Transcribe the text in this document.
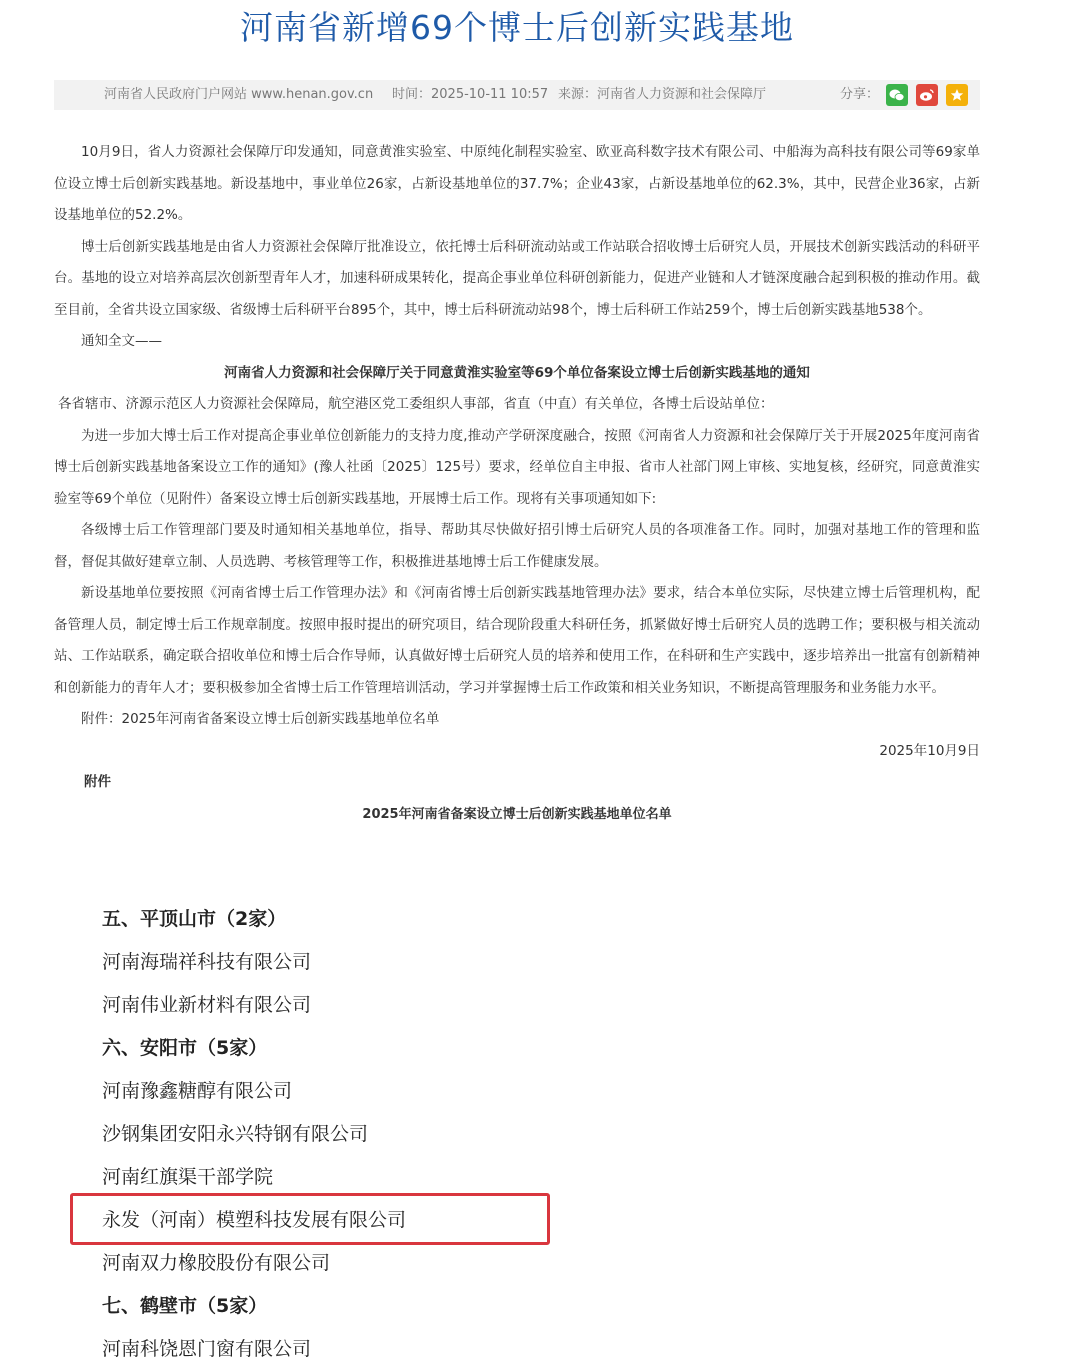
河南省新增69个博士后创新实践基地
河南省人民政府门户网站 www.henan.gov.cn 时间：2025-10-11 10:57 来源：河南省人力资源和社会保障厅	分享：

10月9日，省人力资源社会保障厅印发通知，同意黄淮实验室、中原纯化制程实验室、欧亚高科数字技术有限公司、中船海为高科技有限公司等69家单位设立博士后创新实践基地。新设基地中，事业单位26家，占新设基地单位的37.7%；企业43家，占新设基地单位的62.3%，其中，民营企业36家，占新设基地单位的52.2%。

博士后创新实践基地是由省人力资源社会保障厅批准设立，依托博士后科研流动站或工作站联合招收博士后研究人员，开展技术创新实践活动的科研平台。基地的设立对培养高层次创新型青年人才，加速科研成果转化，提高企事业单位科研创新能力，促进产业链和人才链深度融合起到积极的推动作用。截至目前，全省共设立国家级、省级博士后科研平台895个，其中，博士后科研流动站98个，博士后科研工作站259个，博士后创新实践基地538个。

通知全文——

河南省人力资源和社会保障厅关于同意黄淮实验室等69个单位备案设立博士后创新实践基地的通知

各省辖市、济源示范区人力资源社会保障局，航空港区党工委组织人事部，省直（中直）有关单位，各博士后设站单位：

为进一步加大博士后工作对提高企事业单位创新能力的支持力度,推动产学研深度融合，按照《河南省人力资源和社会保障厅关于开展2025年度河南省博士后创新实践基地备案设立工作的通知》(豫人社函〔2025〕125号）要求，经单位自主申报、省市人社部门网上审核、实地复核，经研究，同意黄淮实验室等69个单位（见附件）备案设立博士后创新实践基地，开展博士后工作。现将有关事项通知如下:

各级博士后工作管理部门要及时通知相关基地单位，指导、帮助其尽快做好招引博士后研究人员的各项准备工作。同时，加强对基地工作的管理和监督，督促其做好建章立制、人员选聘、考核管理等工作，积极推进基地博士后工作健康发展。

新设基地单位要按照《河南省博士后工作管理办法》和《河南省博士后创新实践基地管理办法》要求，结合本单位实际，尽快建立博士后管理机构，配备管理人员，制定博士后工作规章制度。按照申报时提出的研究项目，结合现阶段重大科研任务，抓紧做好博士后研究人员的选聘工作；要积极与相关流动站、工作站联系，确定联合招收单位和博士后合作导师，认真做好博士后研究人员的培养和使用工作，在科研和生产实践中，逐步培养出一批富有创新精神和创新能力的青年人才；要积极参加全省博士后工作管理培训活动，学习并掌握博士后工作政策和相关业务知识，不断提高管理服务和业务能力水平。

附件：2025年河南省备案设立博士后创新实践基地单位名单

2025年10月9日

附件

2025年河南省备案设立博士后创新实践基地单位名单

五、平顶山市（2家）
河南海瑞祥科技有限公司
河南伟业新材料有限公司
六、安阳市（5家）
河南豫鑫糖醇有限公司
沙钢集团安阳永兴特钢有限公司
河南红旗渠干部学院
永发（河南）模塑科技发展有限公司
河南双力橡胶股份有限公司
七、鹤壁市（5家）
河南科饶恩门窗有限公司
